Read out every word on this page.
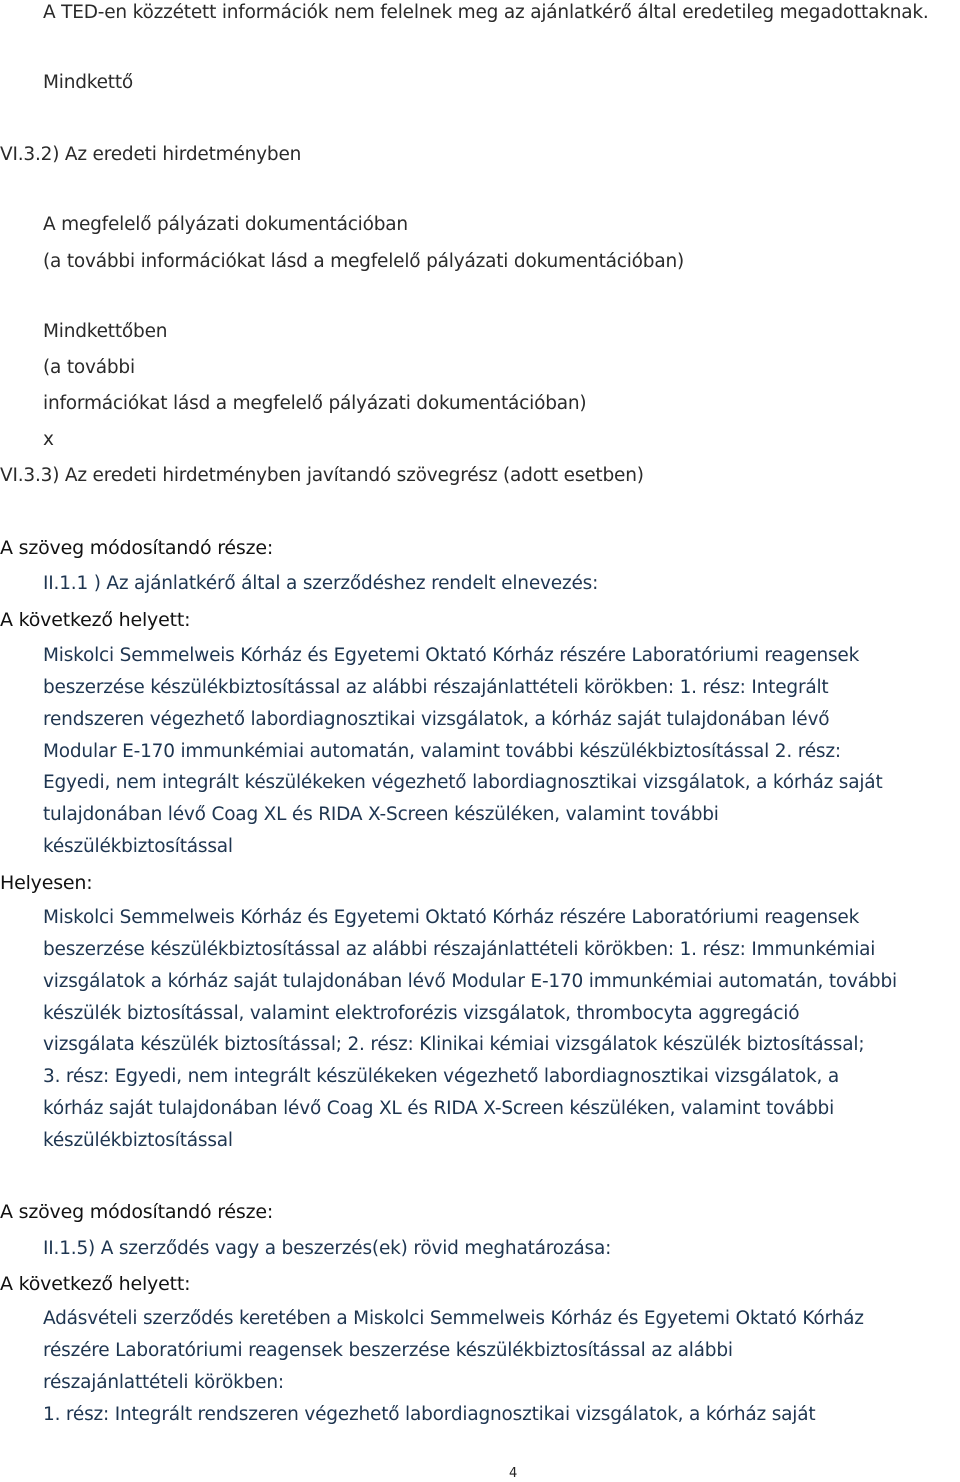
A TED-en közzétett információk nem felelnek meg az ajánlatkérő által eredetileg megadottaknak.
Mindkettő
VI.3.2) Az eredeti hirdetményben
A megfelelő pályázati dokumentációban
(a további információkat lásd a megfelelő pályázati dokumentációban)
Mindkettőben
(a további
információkat lásd a megfelelő pályázati dokumentációban)
x
VI.3.3) Az eredeti hirdetményben javítandó szövegrész (adott esetben)
A szöveg módosítandó része:
II.1.1 ) Az ajánlatkérő által a szerződéshez rendelt elnevezés:
A következő helyett:
Miskolci Semmelweis Kórház és Egyetemi Oktató Kórház részére Laboratóriumi reagensek
beszerzése készülékbiztosítással az alábbi részajánlattételi körökben: 1. rész: Integrált
rendszeren végezhető labordiagnosztikai vizsgálatok, a kórház saját tulajdonában lévő
Modular E-170 immunkémiai automatán, valamint további készülékbiztosítással 2. rész:
Egyedi, nem integrált készülékeken végezhető labordiagnosztikai vizsgálatok, a kórház saját
tulajdonában lévő Coag XL és RIDA X-Screen készüléken, valamint további
készülékbiztosítással
Helyesen:
Miskolci Semmelweis Kórház és Egyetemi Oktató Kórház részére Laboratóriumi reagensek
beszerzése készülékbiztosítással az alábbi részajánlattételi körökben: 1. rész: Immunkémiai
vizsgálatok a kórház saját tulajdonában lévő Modular E-170 immunkémiai automatán, további
készülék biztosítással, valamint elektroforézis vizsgálatok, thrombocyta aggregáció
vizsgálata készülék biztosítással; 2. rész: Klinikai kémiai vizsgálatok készülék biztosítással;
3. rész: Egyedi, nem integrált készülékeken végezhető labordiagnosztikai vizsgálatok, a
kórház saját tulajdonában lévő Coag XL és RIDA X-Screen készüléken, valamint további
készülékbiztosítással
A szöveg módosítandó része:
II.1.5) A szerződés vagy a beszerzés(ek) rövid meghatározása:
A következő helyett:
Adásvételi szerződés keretében a Miskolci Semmelweis Kórház és Egyetemi Oktató Kórház
részére Laboratóriumi reagensek beszerzése készülékbiztosítással az alábbi
részajánlattételi körökben:
1. rész: Integrált rendszeren végezhető labordiagnosztikai vizsgálatok, a kórház saját
4
